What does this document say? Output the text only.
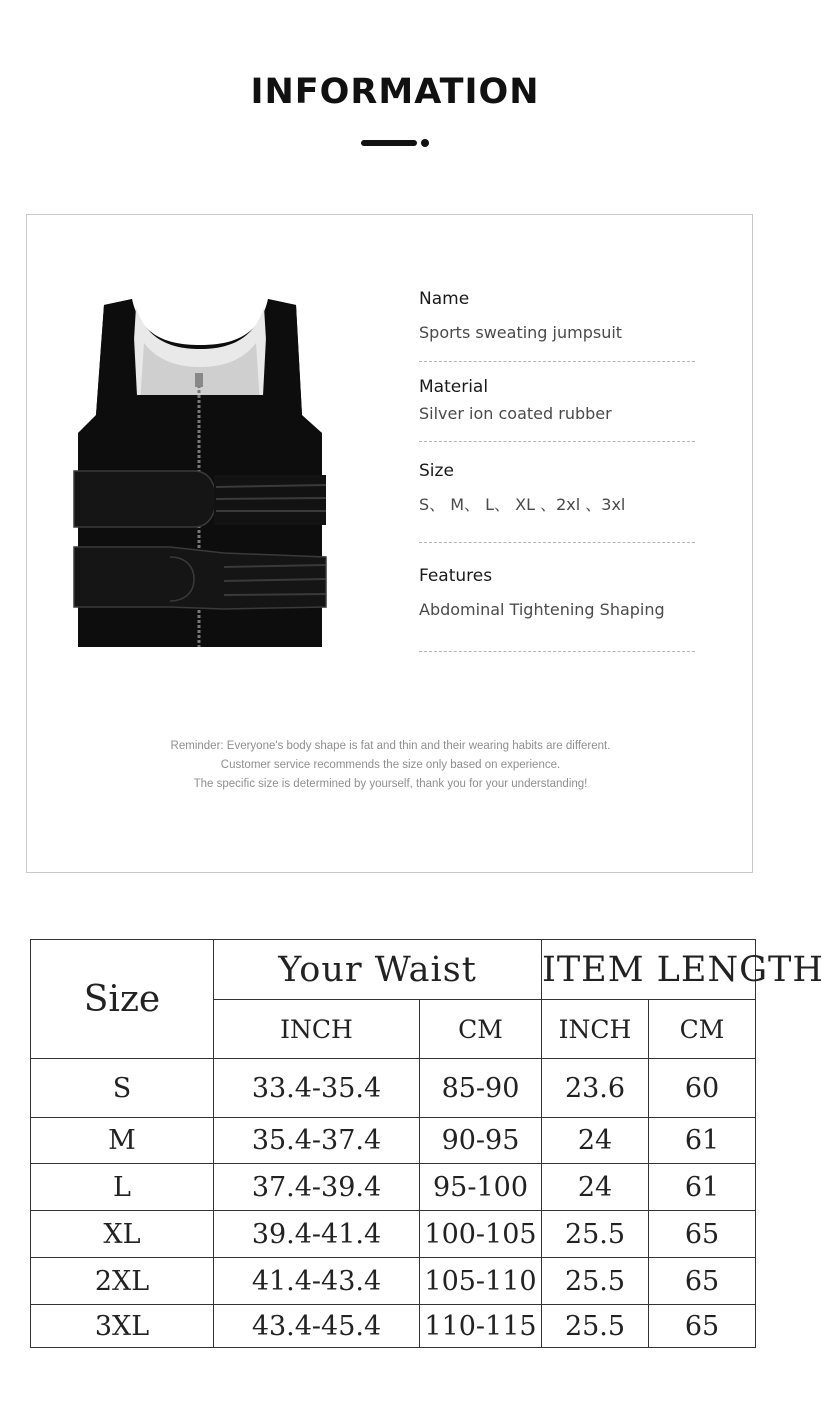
INFORMATION
Name
Sports sweating jumpsuit
Material
Silver ion coated rubber
Size
S、 M、 L、 XL 、2xl 、3xl
Features
Abdominal Tightening Shaping
Reminder: Everyone's body shape is fat and thin and their wearing habits are different.
Customer service recommends the size only based on experience.
The specific size is determined by yourself, thank you for your understanding!
Size	Your Waist		ITEM LENGTH	
	INCH	CM	INCH	CM
S	33.4-35.4	85-90	23.6	60
M	35.4-37.4	90-95	24	61
L	37.4-39.4	95-100	24	61
XL	39.4-41.4	100-105	25.5	65
2XL	41.4-43.4	105-110	25.5	65
3XL	43.4-45.4	110-115	25.5	65
